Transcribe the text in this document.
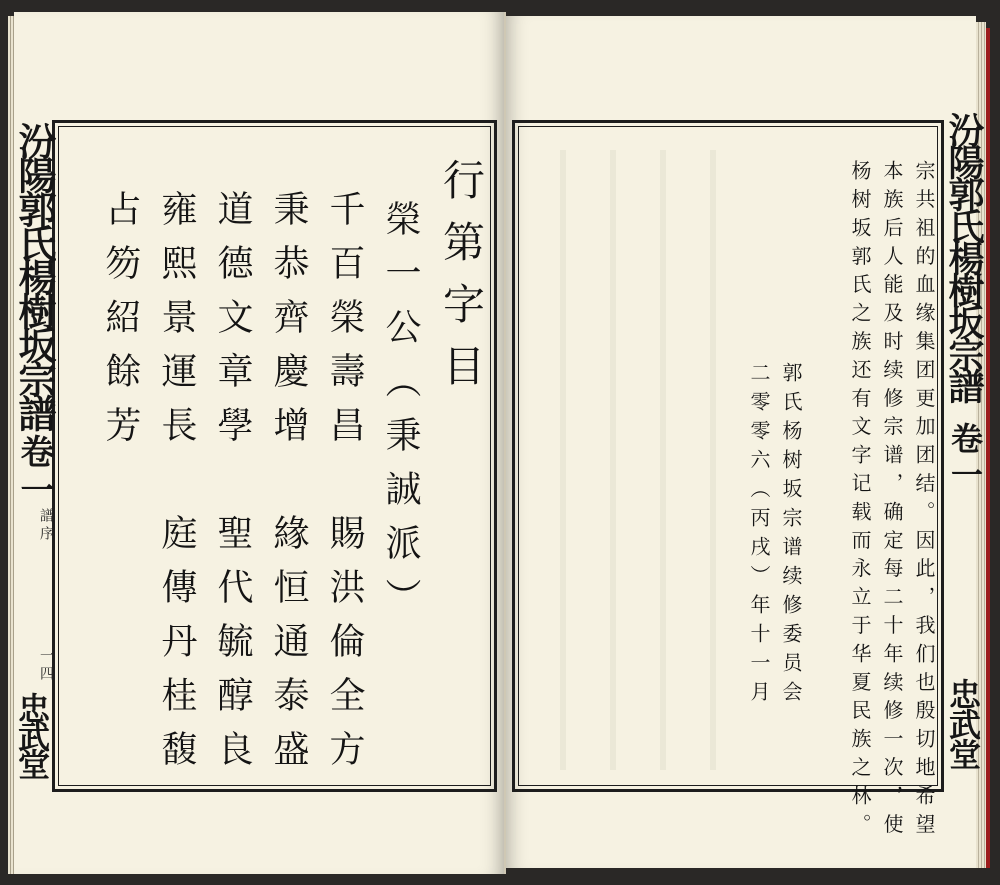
汾陽郭氏楊樹坂宗譜
卷一
譜序
一四
忠武堂
行第字目
榮一公（秉誠派）
千百榮壽昌　賜洪倫全方
秉恭齊慶增　緣恒通泰盛
道德文章學　聖代毓醇良
雍熙景運長　庭傳丹桂馥
占笏紹餘芳	宗共祖的血缘集团更加团结。因此，我们也殷切地希望
本族后人能及时续修宗谱，确定每二十年续修一次，使
杨树坂郭氏之族还有文字记载而永立于华夏民族之林。
郭氏杨树坂宗谱续修委员会
二零零六（丙戌）年十一月
汾陽郭氏楊樹坂宗譜
卷一
忠武堂
